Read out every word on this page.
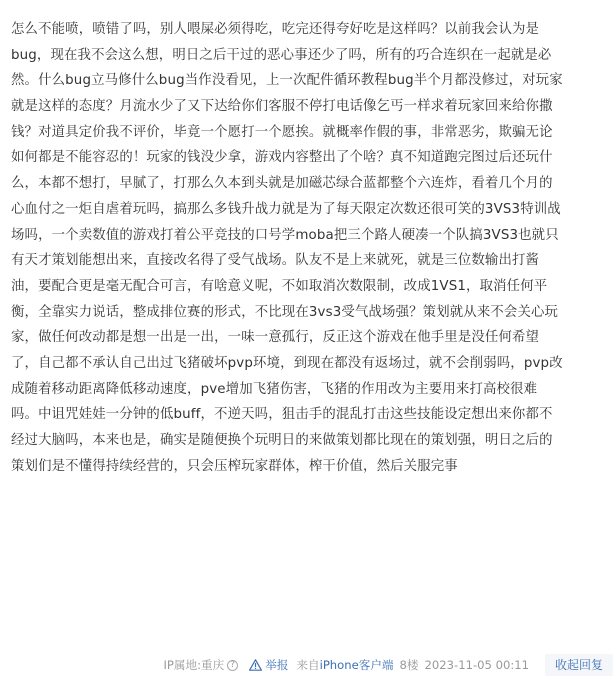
怎么不能喷，喷错了吗，别人喂屎必须得吃，吃完还得夸好吃是这样吗？以前我会认为是
bug，现在我不会这么想，明日之后干过的恶心事还少了吗，所有的巧合连织在一起就是必
然。什么bug立马修什么bug当作没看见，上一次配件循环教程bug半个月都没修过，对玩家
就是这样的态度？月流水少了又下达给你们客服不停打电话像乞丐一样求着玩家回来给你撒
钱？对道具定价我不评价，毕竟一个愿打一个愿挨。就概率作假的事，非常恶劣，欺骗无论
如何都是不能容忍的！玩家的钱没少拿，游戏内容整出了个啥？真不知道跑完图过后还玩什
么，本都不想打，早腻了，打那么久本到头就是加磁芯绿合蓝都整个六连炸，看着几个月的
心血付之一炬自虐着玩吗，搞那么多钱升战力就是为了每天限定次数还很可笑的3VS3特训战
场吗，一个卖数值的游戏打着公平竞技的口号学moba把三个路人硬凑一个队搞3VS3也就只
有天才策划能想出来，直接改名得了受气战场。队友不是上来就死，就是三位数输出打酱
油，要配合更是毫无配合可言，有啥意义呢，不如取消次数限制，改成1VS1，取消任何平
衡，全靠实力说话，整成排位赛的形式，不比现在3vs3受气战场强？策划就从来不会关心玩
家，做任何改动都是想一出是一出，一味一意孤行，反正这个游戏在他手里是没任何希望
了，自己都不承认自己出过飞猪破坏pvp环境，到现在都没有返场过，就不会削弱吗，pvp改
成随着移动距离降低移动速度，pve增加飞猪伤害，飞猪的作用改为主要用来打高校很难
吗。中诅咒娃娃一分钟的低buff，不逆天吗，狙击手的混乱打击这些技能设定想出来你都不
经过大脑吗，本来也是，确实是随便换个玩明日的来做策划都比现在的策划强，明日之后的
策划们是不懂得持续经营的，只会压榨玩家群体，榨干价值，然后关服完事
IP属地:重庆 ?	举报 来自 iPhone客户端 8楼 2023-11-05 00:11	收起回复
